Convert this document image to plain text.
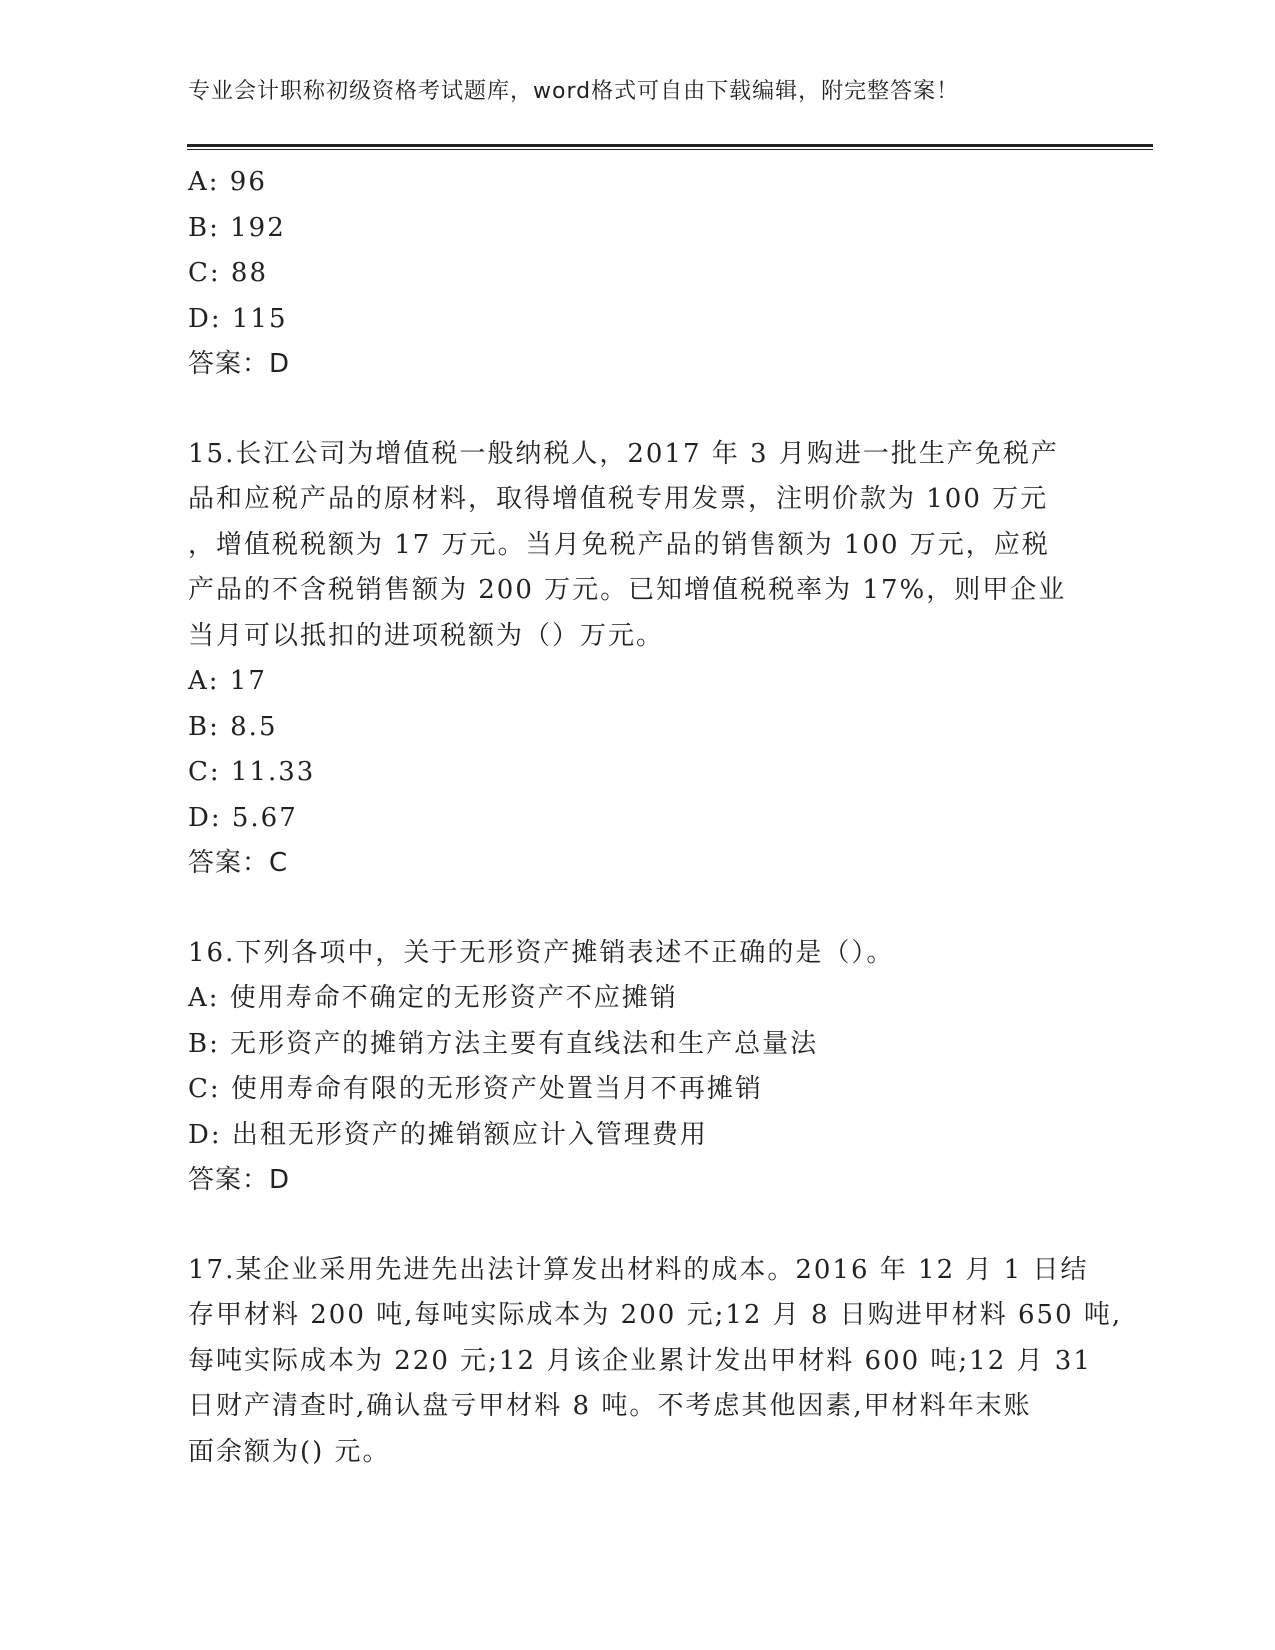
专业会计职称初级资格考试题库，word格式可自由下载编辑，附完整答案！
A: 96
B: 192
C: 88
D: 115
答案：D
15.长江公司为增值税一般纳税人，2017 年 3 月购进一批生产免税产
品和应税产品的原材料，取得增值税专用发票，注明价款为 100 万元
，增值税税额为 17 万元。当月免税产品的销售额为 100 万元，应税
产品的不含税销售额为 200 万元。已知增值税税率为 17%，则甲企业
当月可以抵扣的进项税额为（）万元。
A: 17
B: 8.5
C: 11.33
D: 5.67
答案：C
16.下列各项中，关于无形资产摊销表述不正确的是（）。
A: 使用寿命不确定的无形资产不应摊销
B: 无形资产的摊销方法主要有直线法和生产总量法
C: 使用寿命有限的无形资产处置当月不再摊销
D: 出租无形资产的摊销额应计入管理费用
答案：D
17.某企业采用先进先出法计算发出材料的成本。2016 年 12 月 1 日结
存甲材料 200 吨,每吨实际成本为 200 元;12 月 8 日购进甲材料 650 吨,
每吨实际成本为 220 元;12 月该企业累计发出甲材料 600 吨;12 月 31
日财产清查时,确认盘亏甲材料 8 吨。不考虑其他因素,甲材料年末账
面余额为() 元。
